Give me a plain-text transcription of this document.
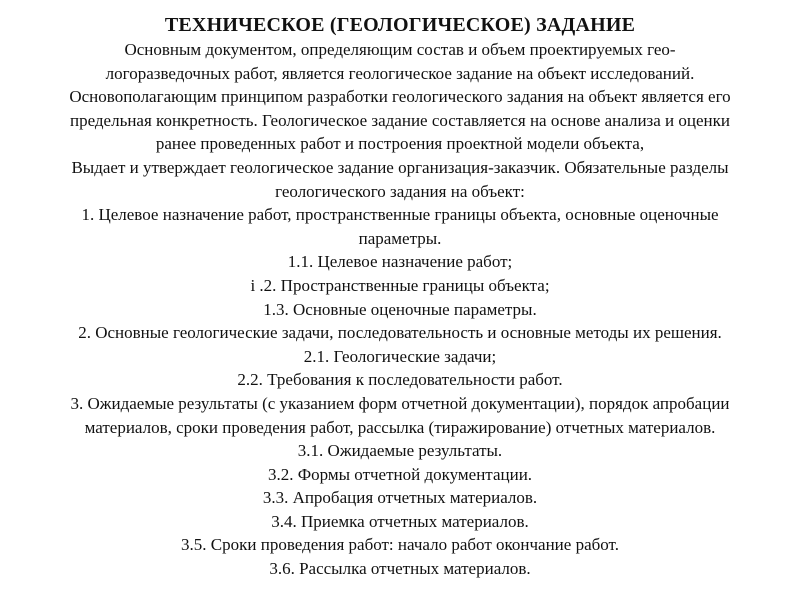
ТЕХНИЧЕСКОЕ (ГЕОЛОГИЧЕСКОЕ) ЗАДАНИЕ

Основным документом, определяющим состав и объем проектируемых гео-

логоразведочных работ, является геологическое задание на объект исследований.

Основополагающим принципом разработки геологического задания на объект является его

предельная конкретность. Геологическое задание составляется на основе анализа и оценки

ранее проведенных работ и построения проектной модели объекта,

Выдает и утверждает геологическое задание организация-заказчик. Обязательные разделы

геологического задания на объект:

1. Целевое назначение работ, пространственные границы объекта, основные оценочные

параметры.

1.1. Целевое назначение работ;

i .2. Пространственные границы объекта;

1.3. Основные оценочные параметры.

2. Основные геологические задачи, последовательность и основные методы их решения.

2.1. Геологические задачи;

2.2. Требования к последовательности работ.

3. Ожидаемые результаты (с указанием форм отчетной документации), порядок апробации

материалов, сроки проведения работ, рассылка (тиражирование) отчетных материалов.

3.1. Ожидаемые результаты.

3.2. Формы отчетной документации.

3.3. Апробация отчетных материалов.

3.4. Приемка отчетных материалов.

3.5. Сроки проведения работ: начало работ окончание работ.

3.6. Рассылка отчетных материалов.
